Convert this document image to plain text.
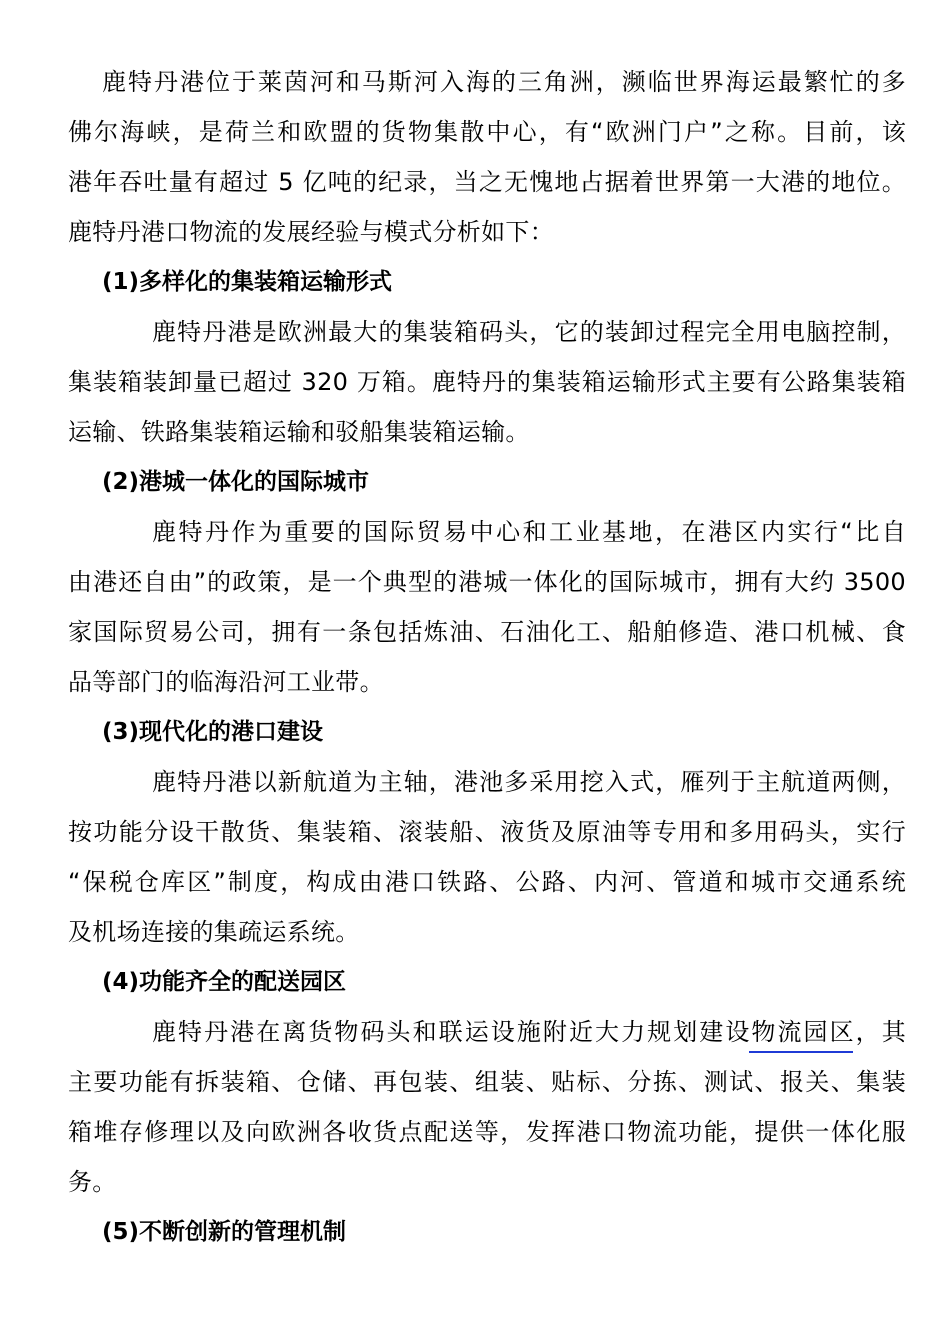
鹿特丹港位于莱茵河和马斯河入海的三角洲，濒临世界海运最繁忙的多
佛尔海峡，是荷兰和欧盟的货物集散中心，有“欧洲门户”之称。目前，该
港年吞吐量有超过 5 亿吨的纪录，当之无愧地占据着世界第一大港的地位。
鹿特丹港口物流的发展经验与模式分析如下：
(1)多样化的集装箱运输形式
鹿特丹港是欧洲最大的集装箱码头，它的装卸过程完全用电脑控制，
集装箱装卸量已超过 320 万箱。鹿特丹的集装箱运输形式主要有公路集装箱
运输、铁路集装箱运输和驳船集装箱运输。
(2)港城一体化的国际城市
鹿特丹作为重要的国际贸易中心和工业基地，在港区内实行“比自
由港还自由”的政策，是一个典型的港城一体化的国际城市，拥有大约 3500
家国际贸易公司，拥有一条包括炼油、石油化工、船舶修造、港口机械、食
品等部门的临海沿河工业带。
(3)现代化的港口建设
鹿特丹港以新航道为主轴，港池多采用挖入式，雁列于主航道两侧，
按功能分设干散货、集装箱、滚装船、液货及原油等专用和多用码头，实行
“保税仓库区”制度，构成由港口铁路、公路、内河、管道和城市交通系统
及机场连接的集疏运系统。
(4)功能齐全的配送园区
鹿特丹港在离货物码头和联运设施附近大力规划建设物流园区，其
主要功能有拆装箱、仓储、再包装、组装、贴标、分拣、测试、报关、集装
箱堆存修理以及向欧洲各收货点配送等，发挥港口物流功能，提供一体化服
务。
(5)不断创新的管理机制
